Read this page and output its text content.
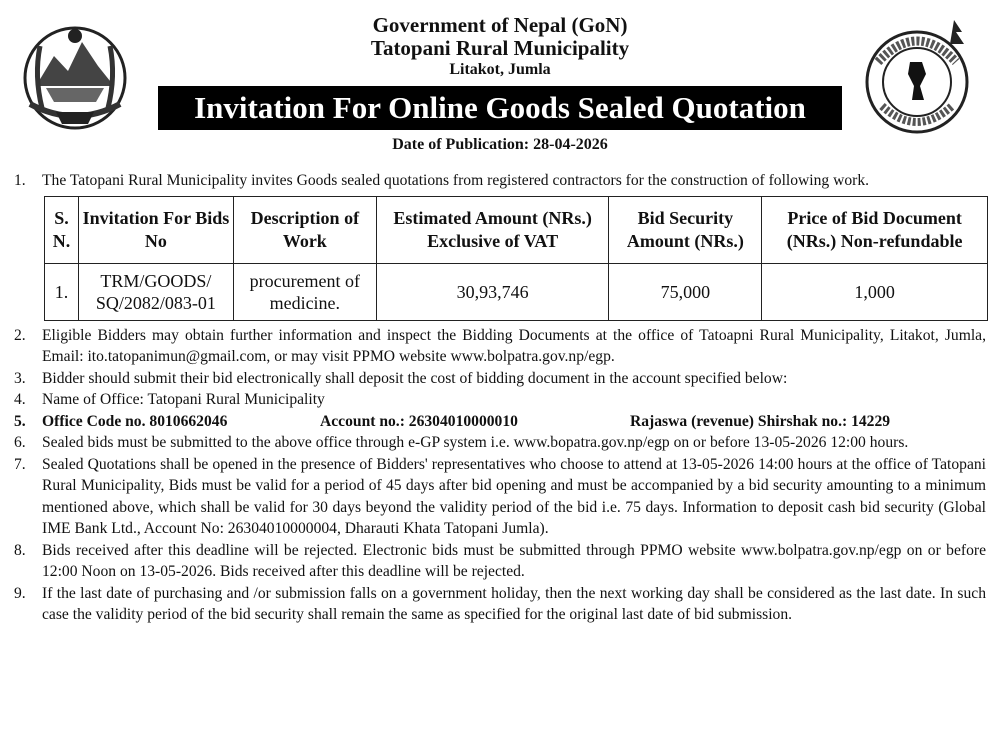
Government of Nepal (GoN)
Tatopani Rural Municipality
Litakot, Jumla
Invitation For Online Goods Sealed Quotation
Date of Publication: 28-04-2026
1.	The Tatopani Rural Municipality invites Goods sealed quotations from registered contractors for the construction of following work.
S. N.	Invitation For Bids No	Description of Work	Estimated Amount (NRs.) Exclusive of VAT	Bid Security Amount (NRs.)	Price of Bid Document (NRs.) Non-refundable
1.	TRM/GOODS/ SQ/2082/083-01	procurement of medicine.	30,93,746	75,000	1,000
2.	Eligible Bidders may obtain further information and inspect the Bidding Documents at the office of Tatoapni Rural Municipality, Litakot, Jumla, Email: ito.tatopanimun@gmail.com, or may visit PPMO website www.bolpatra.gov.np/egp.
3.	Bidder should submit their bid electronically shall deposit the cost of bidding document in the account specified below:
4.	Name of Office: Tatopani Rural Municipality
5.	Office Code no. 8010662046	Account no.: 26304010000010	Rajaswa (revenue) Shirshak no.: 14229
6.	Sealed bids must be submitted to the above office through e-GP system i.e. www.bopatra.gov.np/egp on or before 13-05-2026 12:00 hours.
7.	Sealed Quotations shall be opened in the presence of Bidders' representatives who choose to attend at 13-05-2026 14:00 hours at the office of Tatopani Rural Municipality, Bids must be valid for a period of 45 days after bid opening and must be accompanied by a bid security amounting to a minimum mentioned above, which shall be valid for 30 days beyond the validity period of the bid i.e. 75 days. Information to deposit cash bid security (Global IME Bank Ltd., Account No: 26304010000004, Dharauti Khata Tatopani Jumla).
8.	Bids received after this deadline will be rejected. Electronic bids must be submitted through PPMO website www.bolpatra.gov.np/egp on or before 12:00 Noon on 13-05-2026. Bids received after this deadline will be rejected.
9.	If the last date of purchasing and /or submission falls on a government holiday, then the next working day shall be considered as the last date. In such case the validity period of the bid security shall remain the same as specified for the original last date of bid submission.
